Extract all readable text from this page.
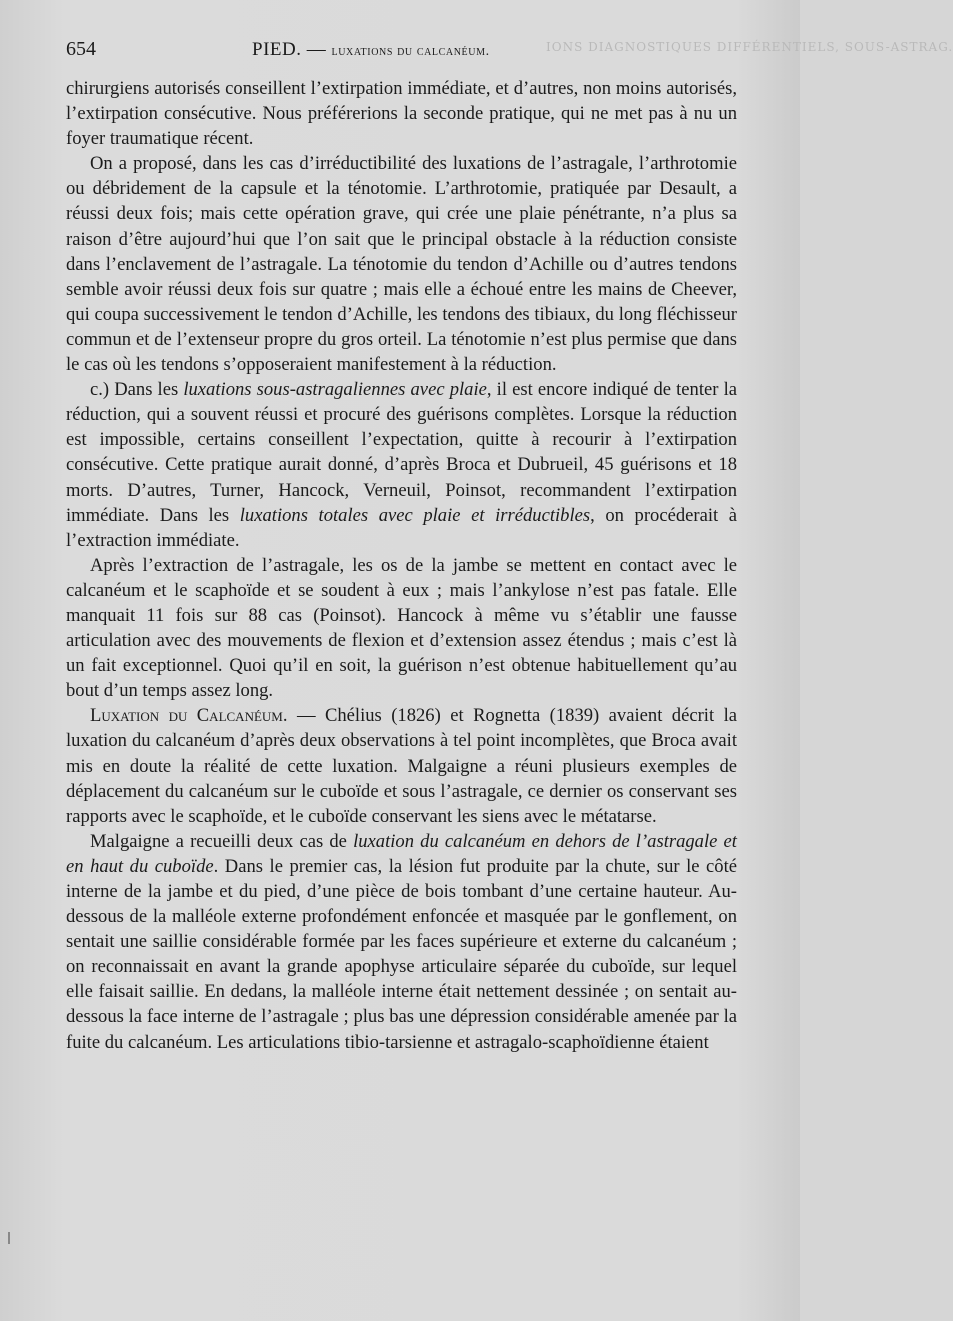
654	PIED. — luxations du calcanéum.	IONS DIAGNOSTIQUES DIFFÉRENTIELS, SOUS-ASTRAG.

chirurgiens autorisés conseillent l’extirpation immédiate, et d’autres, non moins autorisés, l’extirpation consécutive. Nous préférerions la seconde pratique, qui ne met pas à nu un foyer traumatique récent.

On a proposé, dans les cas d’irréductibilité des luxations de l’astragale, l’arthrotomie ou débridement de la capsule et la ténotomie. L’arthrotomie, pratiquée par Desault, a réussi deux fois; mais cette opération grave, qui crée une plaie pénétrante, n’a plus sa raison d’être aujourd’hui que l’on sait que le principal obstacle à la réduction consiste dans l’enclavement de l’astragale. La ténotomie du tendon d’Achille ou d’autres tendons semble avoir réussi deux fois sur quatre ; mais elle a échoué entre les mains de Cheever, qui coupa successivement le tendon d’Achille, les tendons des tibiaux, du long fléchisseur commun et de l’extenseur propre du gros orteil. La ténotomie n’est plus permise que dans le cas où les tendons s’opposeraient manifestement à la réduction.

c.) Dans les luxations sous-astragaliennes avec plaie, il est encore indiqué de tenter la réduction, qui a souvent réussi et procuré des guérisons complètes. Lorsque la réduction est impossible, certains conseillent l’expectation, quitte à recourir à l’extirpation consécutive. Cette pratique aurait donné, d’après Broca et Dubrueil, 45 guérisons et 18 morts. D’autres, Turner, Hancock, Verneuil, Poinsot, recommandent l’extirpation immédiate. Dans les luxations totales avec plaie et irréductibles, on procéderait à l’extraction immédiate.

Après l’extraction de l’astragale, les os de la jambe se mettent en contact avec le calcanéum et le scaphoïde et se soudent à eux ; mais l’ankylose n’est pas fatale. Elle manquait 11 fois sur 88 cas (Poinsot). Hancock à même vu s’établir une fausse articulation avec des mouvements de flexion et d’extension assez étendus ; mais c’est là un fait exceptionnel. Quoi qu’il en soit, la guérison n’est obtenue habituellement qu’au bout d’un temps assez long.

Luxation du Calcanéum. — Chélius (1826) et Rognetta (1839) avaient décrit la luxation du calcanéum d’après deux observations à tel point incomplètes, que Broca avait mis en doute la réalité de cette luxation. Malgaigne a réuni plusieurs exemples de déplacement du calcanéum sur le cuboïde et sous l’astragale, ce dernier os conservant ses rapports avec le scaphoïde, et le cuboïde conservant les siens avec le métatarse.

Malgaigne a recueilli deux cas de luxation du calcanéum en dehors de l’astragale et en haut du cuboïde. Dans le premier cas, la lésion fut produite par la chute, sur le côté interne de la jambe et du pied, d’une pièce de bois tombant d’une certaine hauteur. Au-dessous de la malléole externe profondément enfoncée et masquée par le gonflement, on sentait une saillie considérable formée par les faces supérieure et externe du calcanéum ; on reconnaissait en avant la grande apophyse articulaire séparée du cuboïde, sur lequel elle faisait saillie. En dedans, la malléole interne était nettement dessinée ; on sentait au-dessous la face interne de l’astragale ; plus bas une dépression considérable amenée par la fuite du calcanéum. Les articulations tibio-tarsienne et astragalo-scaphoïdienne étaient
